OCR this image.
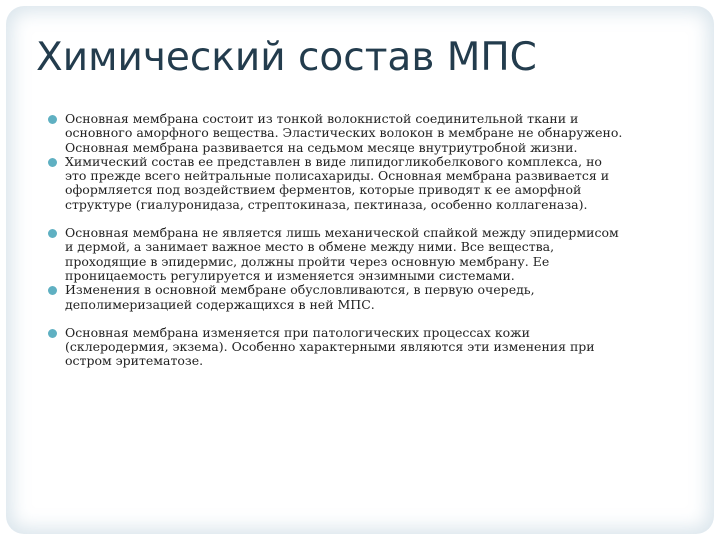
Химический состав МПС
Основная мембрана состоит из тонкой волокнистой соединительной ткани и
основного аморфного вещества. Эластических волокон в мембране не обнаружено.
Основная мембрана развивается на седьмом месяце внутриутробной жизни.
Химический состав ее представлен в виде липидогликобелкового комплекса, но
это прежде всего нейтральные полисахариды. Основная мембрана развивается и
оформляется под воздействием ферментов, которые приводят к ее аморфной
структуре (гиалуронидаза, стрептокиназа, пектиназа, особенно коллагеназа).
Основная мембрана не является лишь механической спайкой между эпидермисом
и дермой, а занимает важное место в обмене между ними. Все вещества,
проходящие в эпидермис, должны пройти через основную мембрану. Ее
проницаемость регулируется и изменяется энзимными системами.
Изменения в основной мембране обусловливаются, в первую очередь,
деполимеризацией содержащихся в ней МПС.
Основная мембрана изменяется при патологических процессах кожи
(склеродермия, экзема). Особенно характерными являются эти изменения при
остром эритематозе.
